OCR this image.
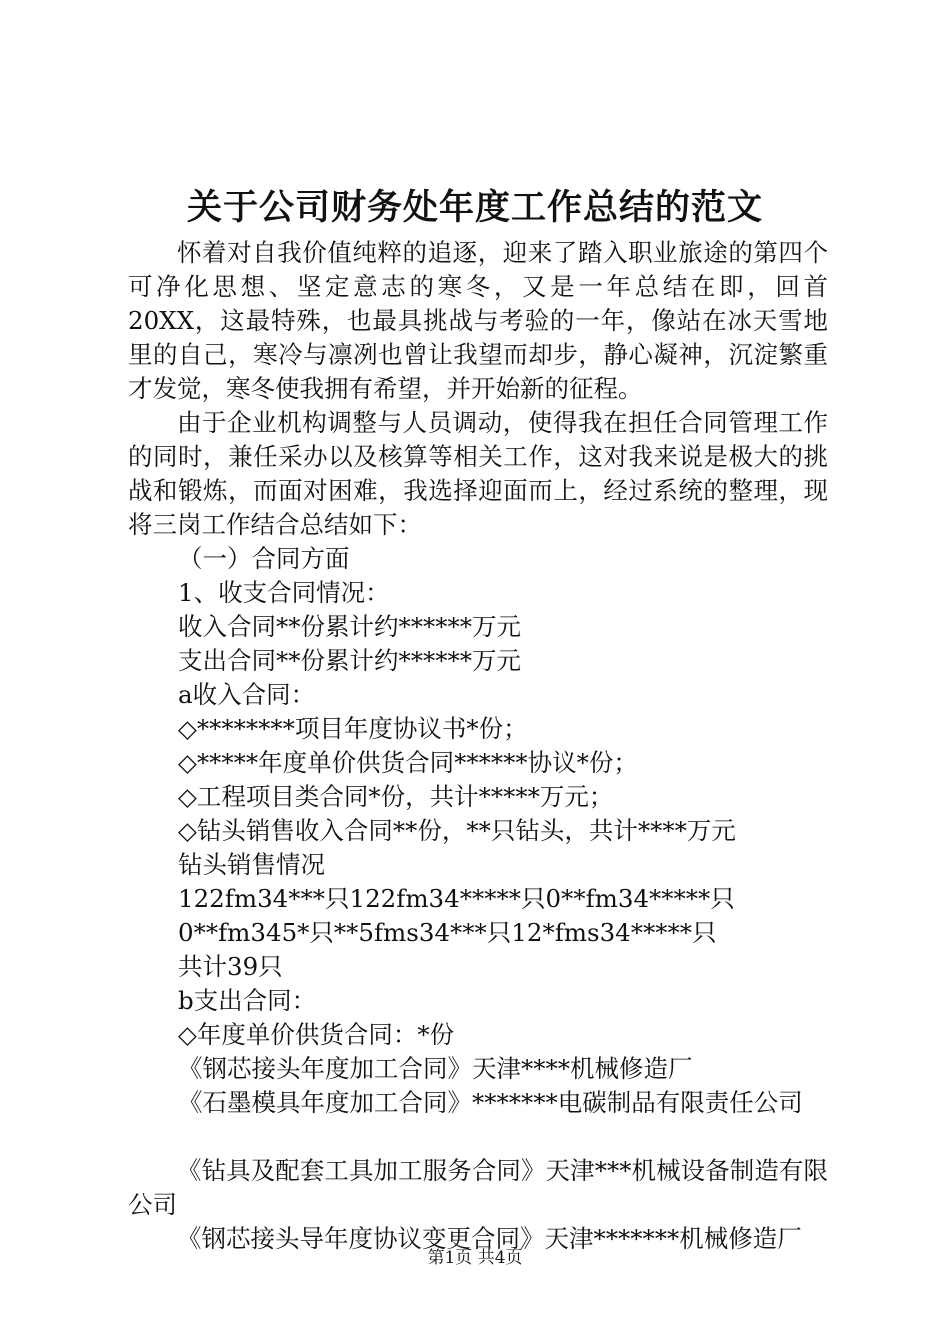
关于公司财务处年度工作总结的范文

怀着对自我价值纯粹的追逐，迎来了踏入职业旅途的第四个可净化思想、坚定意志的寒冬，又是一年总结在即，回首20XX，这最特殊，也最具挑战与考验的一年，像站在冰天雪地里的自己，寒冷与凛冽也曾让我望而却步，静心凝神，沉淀繁重才发觉，寒冬使我拥有希望，并开始新的征程。

由于企业机构调整与人员调动，使得我在担任合同管理工作的同时，兼任采办以及核算等相关工作，这对我来说是极大的挑战和锻炼，而面对困难，我选择迎面而上，经过系统的整理，现将三岗工作结合总结如下：

（一）合同方面

1、收支合同情况：

收入合同**份累计约******万元

支出合同**份累计约******万元

a收入合同：

◇********项目年度协议书*份；

◇*****年度单价供货合同******协议*份；

◇工程项目类合同*份，共计*****万元；

◇钻头销售收入合同**份，**只钻头，共计****万元

钻头销售情况

122fm34***只122fm34*****只0**fm34*****只

0**fm345*只**5fms34***只12*fms34*****只

共计39只

b支出合同：

◇年度单价供货合同：*份

《钢芯接头年度加工合同》天津****机械修造厂

《石墨模具年度加工合同》*******电碳制品有限责任公司

《钻具及配套工具加工服务合同》天津***机械设备制造有限公司

《钢芯接头导年度协议变更合同》天津*******机械修造厂

第1页 共4页
